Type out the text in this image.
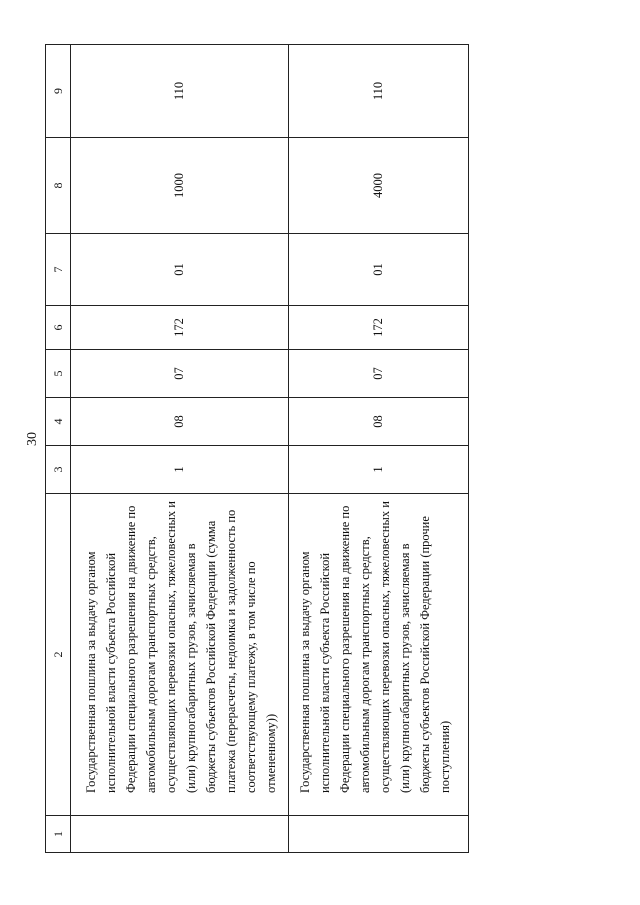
30
1	2	3	4	5	6	7	8	9
	Государственная пошлина за выдачу органом исполнительной власти субъекта Российской Федерации специального разрешения на движение по автомобильным дорогам транспортных средств, осуществляющих перевозки опасных, тяжеловесных и (или) крупногабаритных грузов, зачисляемая в бюджеты субъектов Российской Федерации (сумма платежа (перерасчеты, недоимка и задолженность по соответствующему платежу, в том числе по отмененному))	1	08	07	172	01	1000	110
	Государственная пошлина за выдачу органом исполнительной власти субъекта Российской Федерации специального разрешения на движение по автомобильным дорогам транспортных средств, осуществляющих перевозки опасных, тяжеловесных и (или) крупногабаритных грузов, зачисляемая в бюджеты субъектов Российской Федерации (прочие поступления)	1	08	07	172	01	4000	110
